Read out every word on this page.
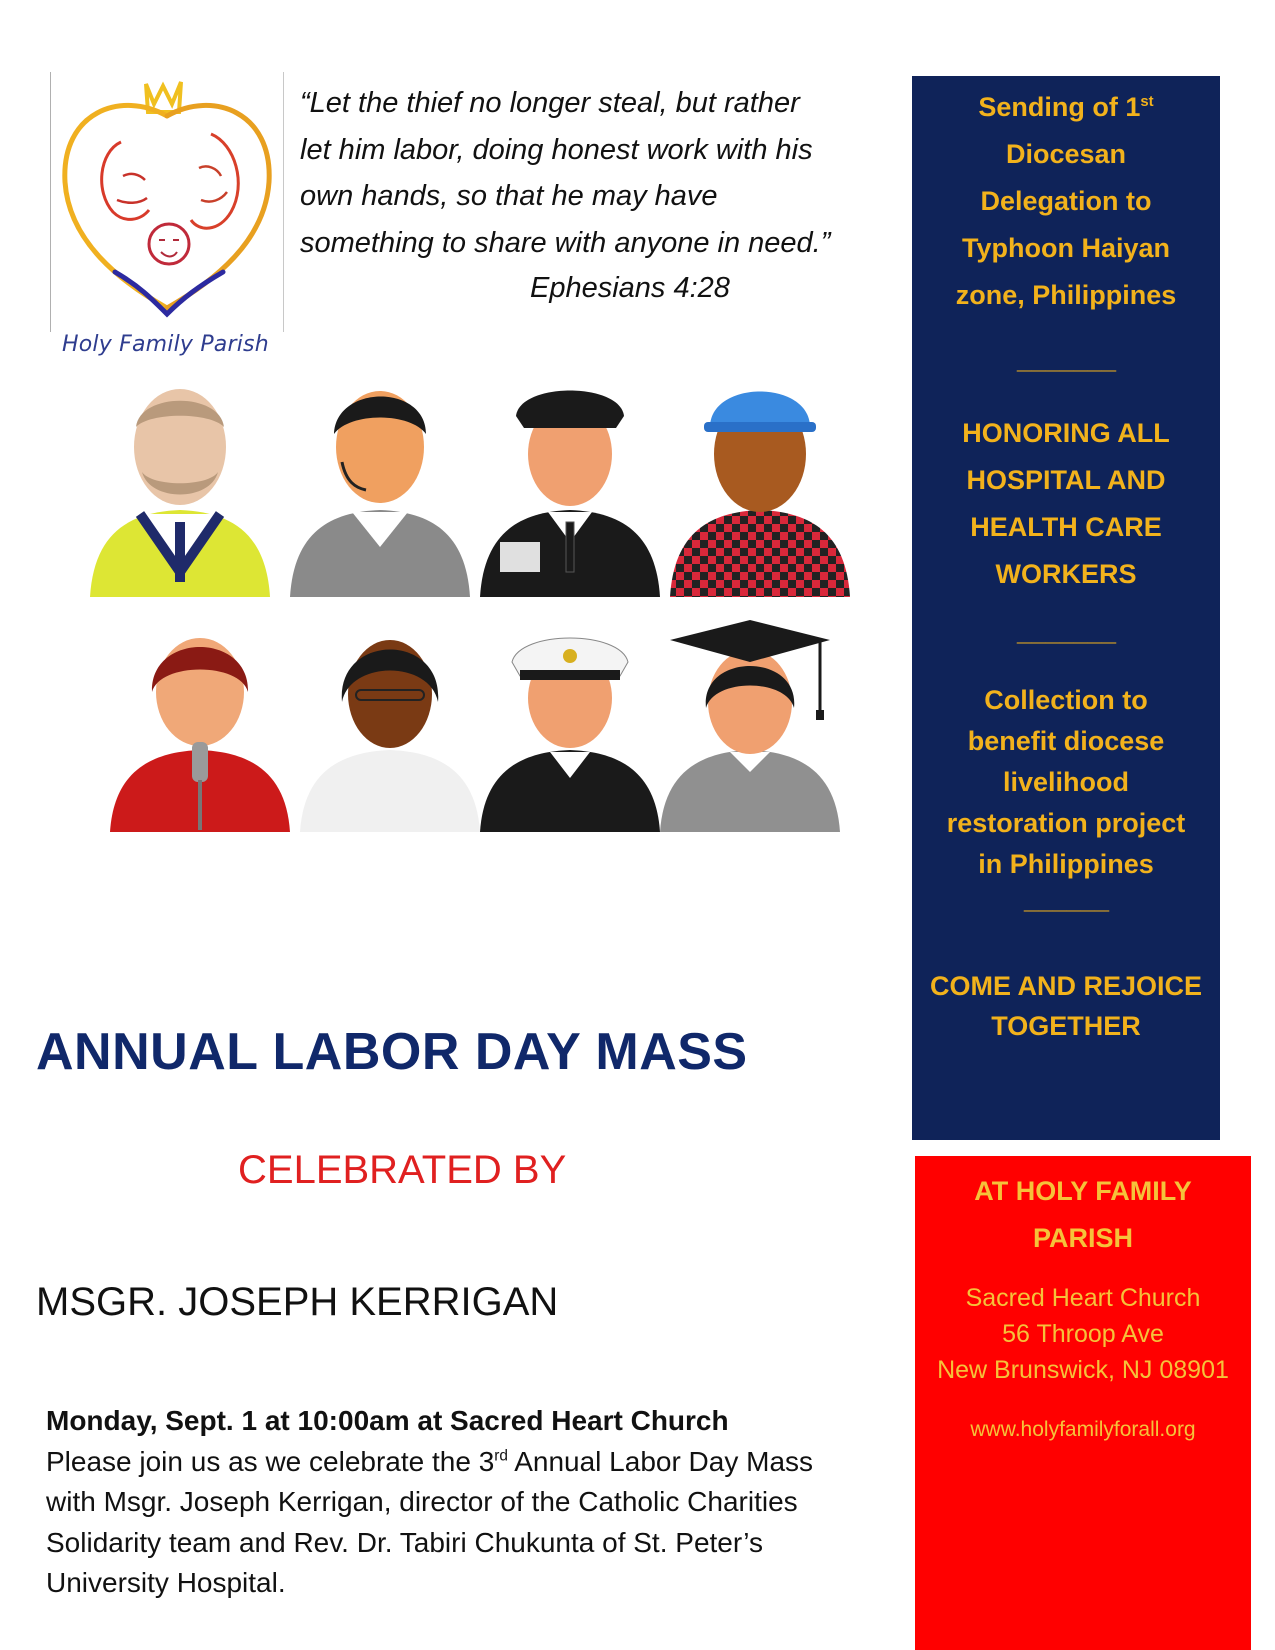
Holy Family Parish
“Let the thief no longer steal, but rather
let him labor, doing honest work with his
own hands, so that he may have
something to share with anyone in need.”
Ephesians 4:28
Sending of 1st
Diocesan
Delegation to
Typhoon Haiyan
zone, Philippines
_______
HONORING ALL
HOSPITAL AND
HEALTH CARE
WORKERS
_______
Collection to
benefit diocese
livelihood
restoration project
in Philippines
______
COME AND REJOICE
TOGETHER
AT HOLY FAMILY
PARISH
Sacred Heart Church
56 Throop Ave
New Brunswick, NJ 08901
www.holyfamilyforall.org
ANNUAL LABOR DAY MASS
CELEBRATED BY
MSGR. JOSEPH KERRIGAN
Monday, Sept. 1 at 10:00am at Sacred Heart Church
Please join us as we celebrate the 3rd Annual Labor Day Mass
with Msgr. Joseph Kerrigan, director of the Catholic Charities
Solidarity team and Rev. Dr. Tabiri Chukunta of St. Peter’s
University Hospital.
